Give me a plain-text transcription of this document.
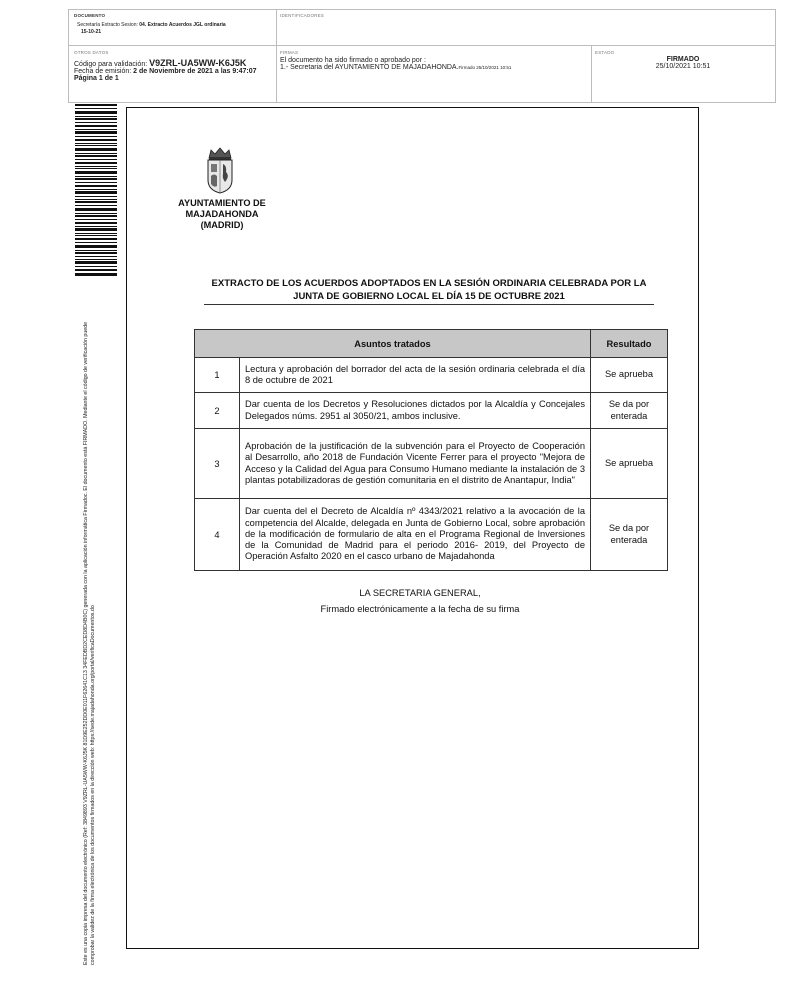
DOCUMENTO
Secretaría Extracto Sesion: 04. Extracto Acuerdos JGL ordinaria
15-10-21
IDENTIFICADORES
OTROS DATOS
Código para validación: V9ZRL-UA5WW-K6J5K
Fecha de emisión: 2 de Noviembre de 2021 a las 9:47:07
Página 1 de 1
FIRMAS
El documento ha sido firmado o aprobado por :
1.- Secretaria del AYUNTAMIENTO DE MAJADAHONDA.Firmado 25/10/2021 10:51
ESTADO
FIRMADO
25/10/2021 10:51
Este es una copia impresa del documento electrónico (Ref: 3849893 V9ZRL-UA5WW-K6J5K 81D9E252DD0E011F62641C13 34FEDBD2CED8D4B0C) generada con la aplicación informática Firmadoc. El documento está FIRMADO. Mediante el código de verificación puede comprobar la validez de la firma electrónica de los documentos firmados en la dirección web: https://sede.majadahonda.org/portal/verificaDocumentos.do
AYUNTAMIENTO DE
MAJADAHONDA
(MADRID)
EXTRACTO DE LOS ACUERDOS ADOPTADOS EN LA SESIÓN ORDINARIA CELEBRADA POR LA
JUNTA DE GOBIERNO LOCAL EL DÍA 15 DE OCTUBRE 2021
Asuntos tratados		Resultado
1	Lectura y aprobación del borrador del acta de la sesión ordinaria celebrada el día 8 de octubre de 2021	Se aprueba
2	Dar cuenta de los Decretos y Resoluciones dictados por la Alcaldía y Concejales Delegados núms. 2951 al 3050/21, ambos inclusive.	Se da por enterada
3	Aprobación de la justificación de la subvención para el Proyecto de Cooperación al Desarrollo, año 2018 de Fundación Vicente Ferrer para el proyecto "Mejora de Acceso y la Calidad del Agua para Consumo Humano mediante la instalación de 3 plantas potabilizadoras de gestión comunitaria en el distrito de Anantapur, India"	Se aprueba
4	Dar cuenta del el Decreto de Alcaldía nº 4343/2021 relativo a la avocación de la competencia del Alcalde, delegada en Junta de Gobierno Local, sobre aprobación de la modificación de formulario de alta en el Programa Regional de Inversiones de la Comunidad de Madrid para el periodo 2016- 2019, del Proyecto de Operación Asfalto 2020 en el casco urbano de Majadahonda	Se da por enterada
LA SECRETARIA GENERAL,
Firmado electrónicamente a la fecha de su firma
